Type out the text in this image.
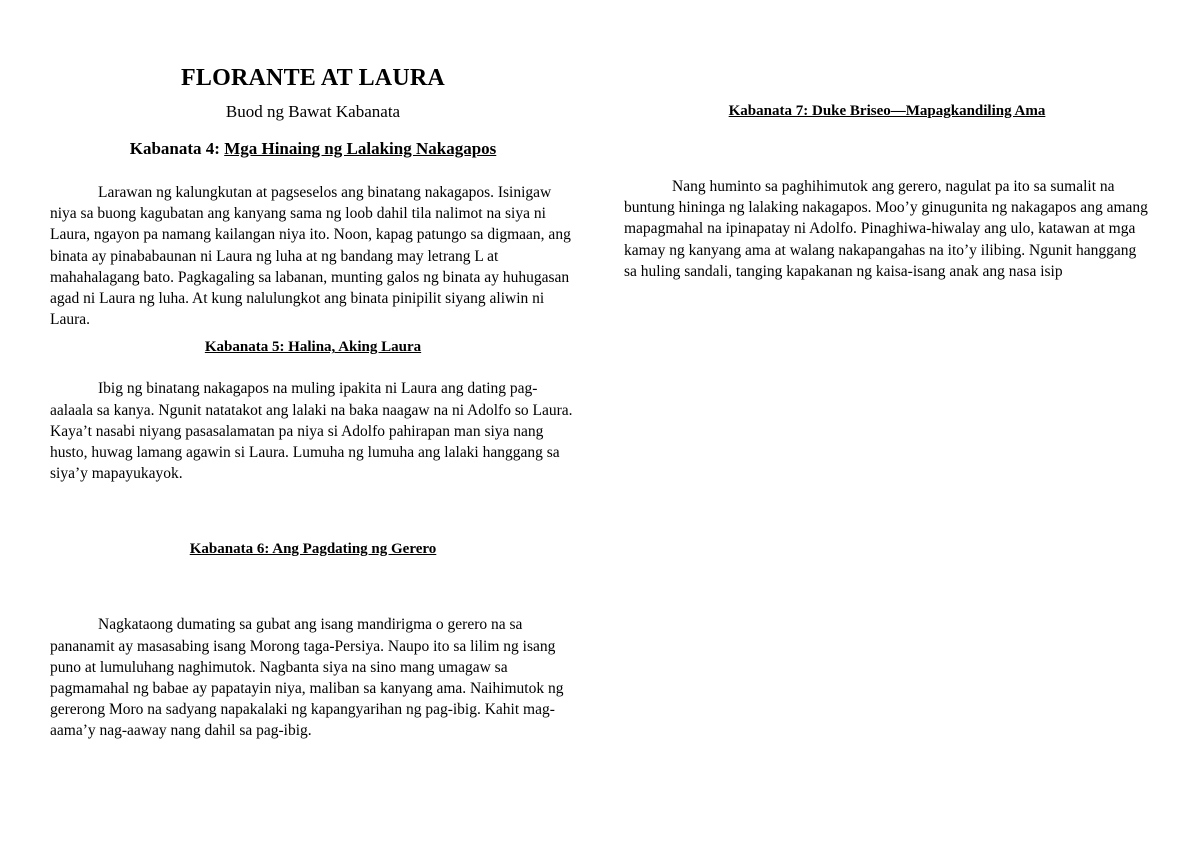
FLORANTE AT LAURA

Buod ng Bawat Kabanata

Kabanata 4: Mga Hinaing ng Lalaking Nakagapos

Larawan ng kalungkutan at pagseselos ang binatang nakagapos. Isinigaw niya sa buong kagubatan ang kanyang sama ng loob dahil tila nalimot na siya ni Laura, ngayon pa namang kailangan niya ito. Noon, kapag patungo sa digmaan, ang binata ay pinababaunan ni Laura ng luha at ng bandang may letrang L at mahahalagang bato. Pagkagaling sa labanan, munting galos ng binata ay huhugasan agad ni Laura ng luha. At kung nalulungkot ang binata pinipilit siyang aliwin ni Laura.

Kabanata 5: Halina, Aking Laura

Ibig ng binatang nakagapos na muling ipakita ni Laura ang dating pag-aalaala sa kanya. Ngunit natatakot ang lalaki na baka naagaw na ni Adolfo so Laura. Kaya’t nasabi niyang pasasalamatan pa niya si Adolfo pahirapan man siya nang husto, huwag lamang agawin si Laura. Lumuha ng lumuha ang lalaki hanggang sa siya’y mapayukayok.

Kabanata 6: Ang Pagdating ng Gerero

Nagkataong dumating sa gubat ang isang mandirigma o gerero na sa pananamit ay masasabing isang Morong taga-Persiya. Naupo ito sa lilim ng isang puno at lumuluhang naghimutok. Nagbanta siya na sino mang umagaw sa pagmamahal ng babae ay papatayin niya, maliban sa kanyang ama. Naihimutok ng gererong Moro na sadyang napakalaki ng kapangyarihan ng pag-ibig. Kahit mag-aama’y nag-aaway nang dahil sa pag-ibig.

Kabanata 7: Duke Briseo—Mapagkandiling Ama

Nang huminto sa paghihimutok ang gerero, nagulat pa ito sa sumalit na buntung hininga ng lalaking nakagapos. Moo’y ginugunita ng nakagapos ang amang mapagmahal na ipinapatay ni Adolfo. Pinaghiwa-hiwalay ang ulo, katawan at mga kamay ng kanyang ama at walang nakapangahas na ito’y ilibing. Ngunit hanggang sa huling sandali, tanging kapakanan ng kaisa-isang anak ang nasa isip
